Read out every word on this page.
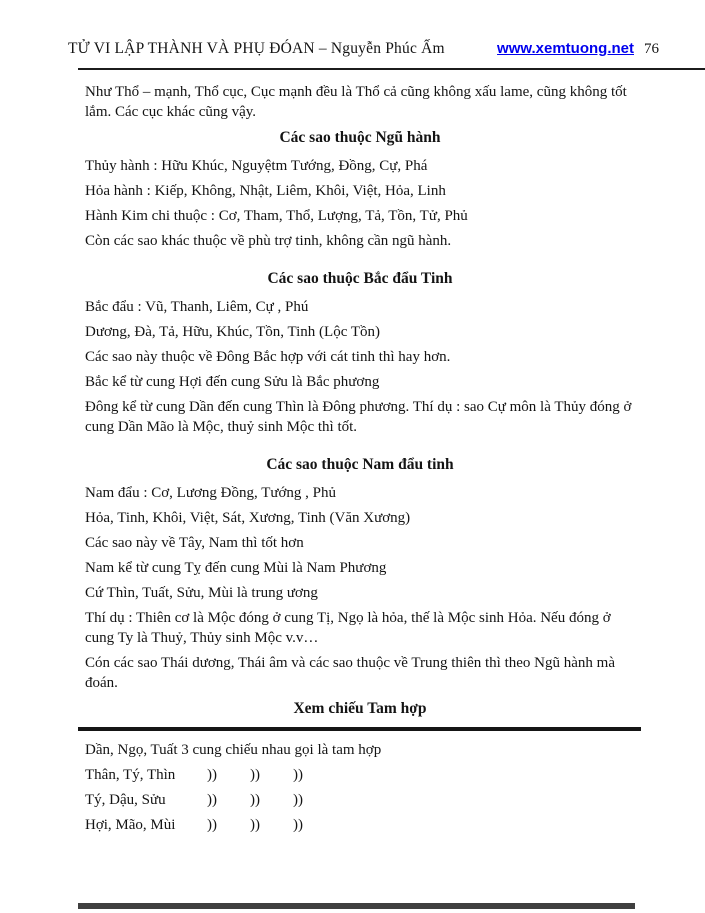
TỬ VI LẬP THÀNH VÀ PHỤ ĐÓAN – Nguyễn Phúc Ấm	www.xemtuong.net 76

Như Thổ – mạnh, Thổ cục, Cục mạnh đều là Thổ cả cũng không xấu lame, cũng không tốt lắm. Các cục khác cũng vậy.

Các sao thuộc Ngũ hành

Thủy hành : Hữu Khúc, Nguyệtm Tướng, Đồng, Cự, Phá

Hỏa hành : Kiếp, Không, Nhật, Liêm, Khôi, Việt, Hỏa, Linh

Hành Kim chi thuộc : Cơ, Tham, Thổ, Lượng, Tả, Tồn, Tử, Phủ

Còn các sao khác thuộc về phù trợ tinh, không cần ngũ hành.

Các sao thuộc Bắc đẩu Tinh

Bắc đẩu : Vũ, Thanh, Liêm, Cự , Phú

Dương, Đà, Tả, Hữu, Khúc, Tồn, Tinh (Lộc Tồn)

Các sao này thuộc về Đông Bắc hợp với cát tinh thì hay hơn.

Bắc kể từ cung Hợi đến cung Sửu là Bắc phương

Đông kể từ cung Dần đến cung Thìn là Đông phương. Thí dụ : sao Cự môn là Thủy đóng ở cung Dần Mão là Mộc, thuỷ sinh Mộc thì tốt.

Các sao thuộc Nam đẩu tinh

Nam đẩu : Cơ, Lương Đồng, Tướng , Phủ

Hỏa, Tinh, Khôi, Việt, Sát, Xương, Tinh (Văn Xương)

Các sao này về Tây, Nam thì tốt hơn

Nam kể từ cung Tỵ đến cung Mùi là Nam Phương

Cứ Thìn, Tuất, Sửu, Mùi là trung ương

Thí dụ : Thiên cơ là Mộc đóng ở cung Tị, Ngọ là hỏa, thế là Mộc sinh Hỏa. Nếu đóng ở cung Ty là Thuỷ, Thủy sinh Mộc v.v…

Cón các sao Thái dương, Thái âm và các sao thuộc về Trung thiên thì theo Ngũ hành mà đoán.

Xem chiếu Tam hợp

Dần, Ngọ, Tuất 3 cung chiếu nhau gọi là tam hợp

Thân, Tý, Thìn	))	))	))
Tý, Dậu, Sửu	))	))	))
Hợi, Mão, Mùi	))	))	))
